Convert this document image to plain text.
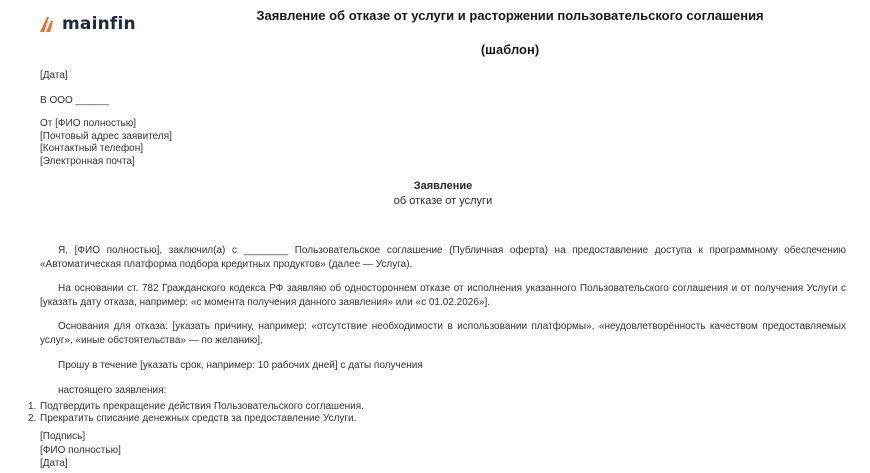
mainfin	Заявление об отказе от услуги и расторжении пользовательского соглашения
(шаблон)
[Дата]
В ООО ______
От [ФИО полностью]
[Почтовый адрес заявителя]
[Контактный телефон]
[Электронная почта]
Заявление
об отказе от услуги

Я, [ФИО полностью], заключил(а) с ________ Пользовательское соглашение (Публичная оферта) на предоставление доступа к программному обеспечению «Автоматическая платформа подбора кредитных продуктов» (далее — Услуга).

На основании ст. 782 Гражданского кодекса РФ заявляю об одностороннем отказе от исполнения указанного Пользовательского соглашения и от получения Услуги с [указать дату отказа, например: «с момента получения данного заявления» или «с 01.02.2026»].

Основания для отказа: [указать причину, например: «отсутствие необходимости в использовании платформы», «неудовлетворённость качеством предоставляемых услуг», «иные обстоятельства» — по желанию].

Прошу в течение [указать срок, например: 10 рабочих дней] с даты получения

настоящего заявления:

1. Подтвердить прекращение действия Пользовательского соглашения.
2. Прекратить списание денежных средств за предоставление Услуги.
[Подпись]
[ФИО полностью]
[Дата]
